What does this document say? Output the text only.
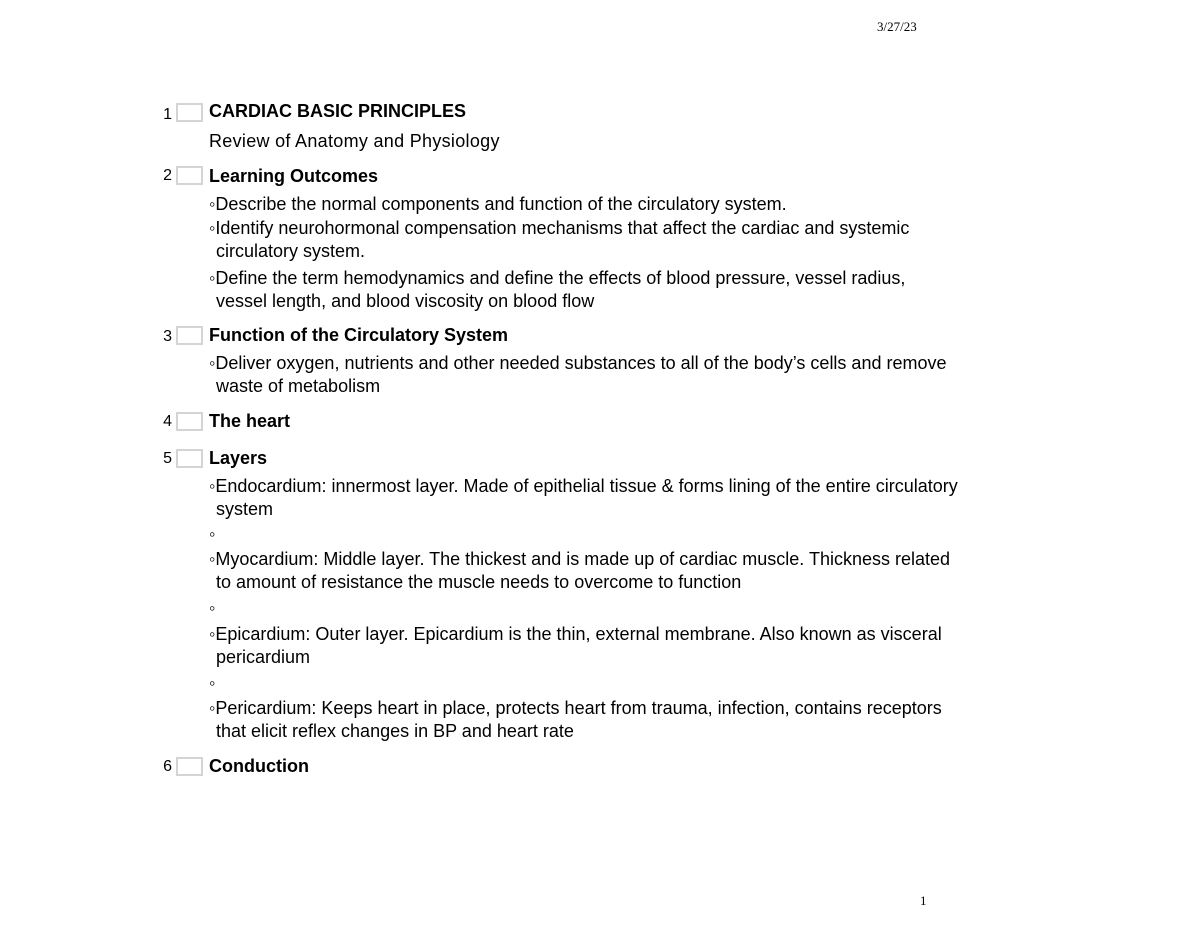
3/27/23
1 CARDIAC BASIC PRINCIPLES
Review of Anatomy and Physiology
2 Learning Outcomes
◦Describe the normal components and function of the circulatory system.
◦Identify neurohormonal compensation mechanisms that affect the cardiac and systemic
circulatory system.
◦Define the term hemodynamics and define the effects of blood pressure, vessel radius,
vessel length, and blood viscosity on blood flow
3 Function of the Circulatory System
◦Deliver oxygen, nutrients and other needed substances to all of the body’s cells and remove
waste of metabolism
4 The heart
5 Layers
◦Endocardium: innermost layer. Made of epithelial tissue & forms lining of the entire circulatory
system
◦
◦Myocardium: Middle layer. The thickest and is made up of cardiac muscle. Thickness related
to amount of resistance the muscle needs to overcome to function
◦
◦Epicardium: Outer layer. Epicardium is the thin, external membrane. Also known as visceral
pericardium
◦
◦Pericardium: Keeps heart in place, protects heart from trauma, infection, contains receptors
that elicit reflex changes in BP and heart rate
6 Conduction
1
